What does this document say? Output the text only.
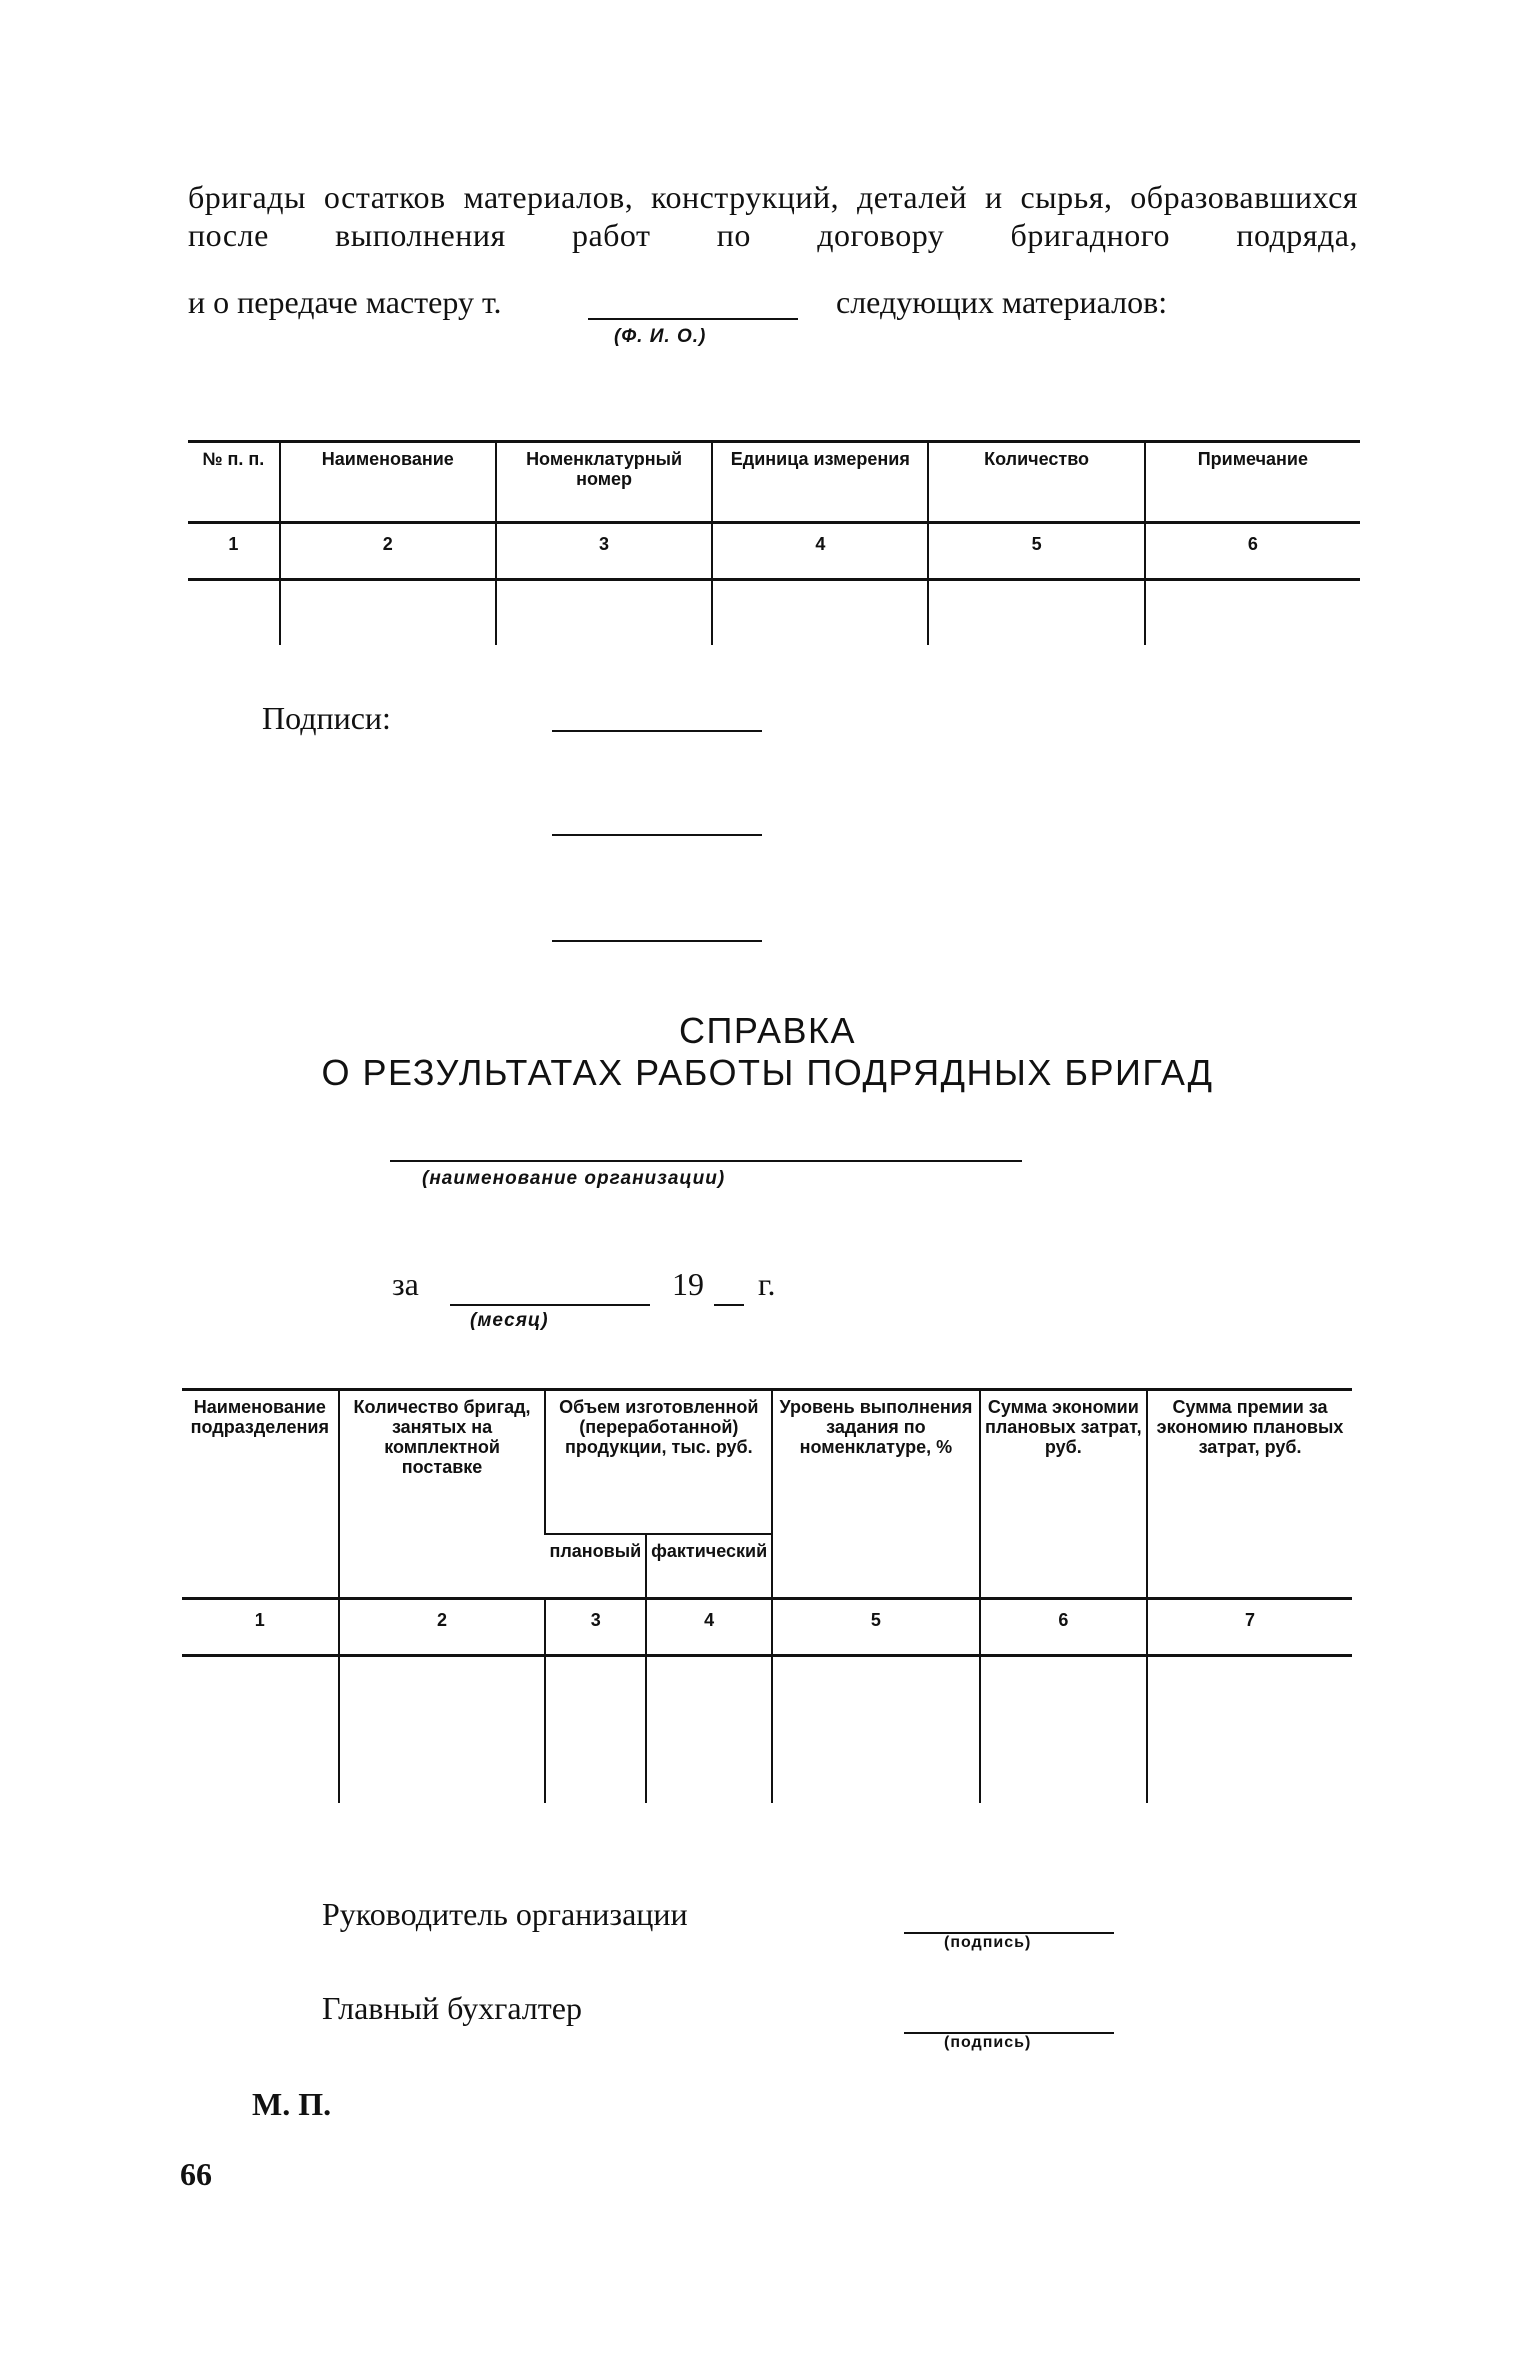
бригады остатков материалов, конструкций, деталей и сырья, образовавшихся после выполнения работ по договору бригадного подряда,
и о передаче мастеру т.
(Ф. И. О.)
следующих материалов:
№ п. п.	Наименование	Номенклатурный номер	Единица измерения	Количество	Примечание
1	2	3	4	5	6

Подписи:
СПРАВКА
О РЕЗУЛЬТАТАХ РАБОТЫ ПОДРЯДНЫХ БРИГАД
(наименование организации)
за
(месяц)
19 г.
Наименование подразделения	Количество бригад, занятых на комплектной поставке	Объем изготовленной (переработанной) продукции, тыс. руб.		Уровень выполнения задания по номенклатуре, %	Сумма экономии плановых затрат, руб.	Сумма премии за экономию плановых затрат, руб.
		плановый	фактический			
1	2	3	4	5	6	7

Руководитель организации
(подпись)
Главный бухгалтер
(подпись)
М. П.
66
